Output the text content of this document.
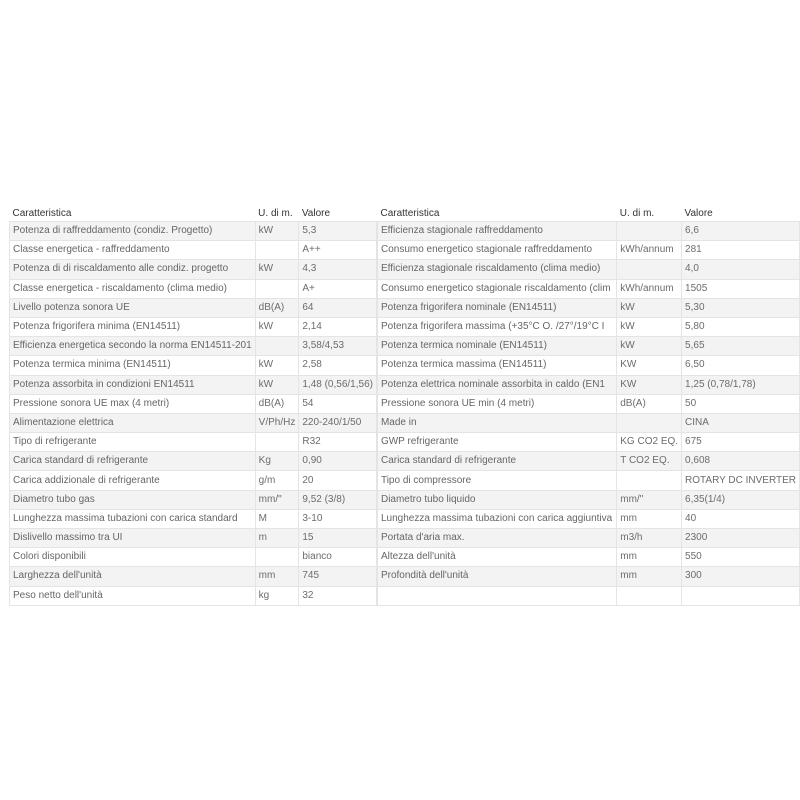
Caratteristica	U. di m.	Valore
Potenza di raffreddamento (condiz. Progetto)	kW	5,3
Classe energetica - raffreddamento		A++
Potenza di di riscaldamento alle condiz. progetto	kW	4,3
Classe energetica - riscaldamento (clima medio)		A+
Livello potenza sonora UE	dB(A)	64
Potenza frigorifera minima (EN14511)	kW	2,14
Efficienza energetica secondo la norma EN14511-201		3,58/4,53
Potenza termica minima (EN14511)	kW	2,58
Potenza assorbita in condizioni EN14511	kW	1,48 (0,56/1,56)
Pressione sonora UE max (4 metri)	dB(A)	54
Alimentazione elettrica	V/Ph/Hz	220-240/1/50
Tipo di refrigerante		R32
Carica standard di refrigerante	Kg	0,90
Carica addizionale di refrigerante	g/m	20
Diametro tubo gas	mm/"	9,52 (3/8)
Lunghezza massima tubazioni con carica standard	M	3-10
Dislivello massimo tra UI	m	15
Colori disponibili		bianco
Larghezza dell'unità	mm	745
Peso netto dell'unità	kg	32
Caratteristica	U. di m.	Valore
Efficienza stagionale raffreddamento		6,6
Consumo energetico stagionale raffreddamento	kWh/annum	281
Efficienza stagionale riscaldamento (clima medio)		4,0
Consumo energetico stagionale riscaldamento (clim	kWh/annum	1505
Potenza frigorifera nominale (EN14511)	kW	5,30
Potenza frigorifera massima (+35°C O. /27°/19°C I	kW	5,80
Potenza termica nominale (EN14511)	kW	5,65
Potenza termica massima (EN14511)	KW	6,50
Potenza elettrica nominale assorbita in caldo (EN1	KW	1,25 (0,78/1,78)
Pressione sonora UE min (4 metri)	dB(A)	50
Made in		CINA
GWP refrigerante	KG CO2 EQ.	675
Carica standard di refrigerante	T CO2 EQ.	0,608
Tipo di compressore		ROTARY DC INVERTER
Diametro tubo liquido	mm/"	6,35(1/4)
Lunghezza massima tubazioni con carica aggiuntiva	mm	40
Portata d'aria max.	m3/h	2300
Altezza dell'unità	mm	550
Profondità dell'unità	mm	300
